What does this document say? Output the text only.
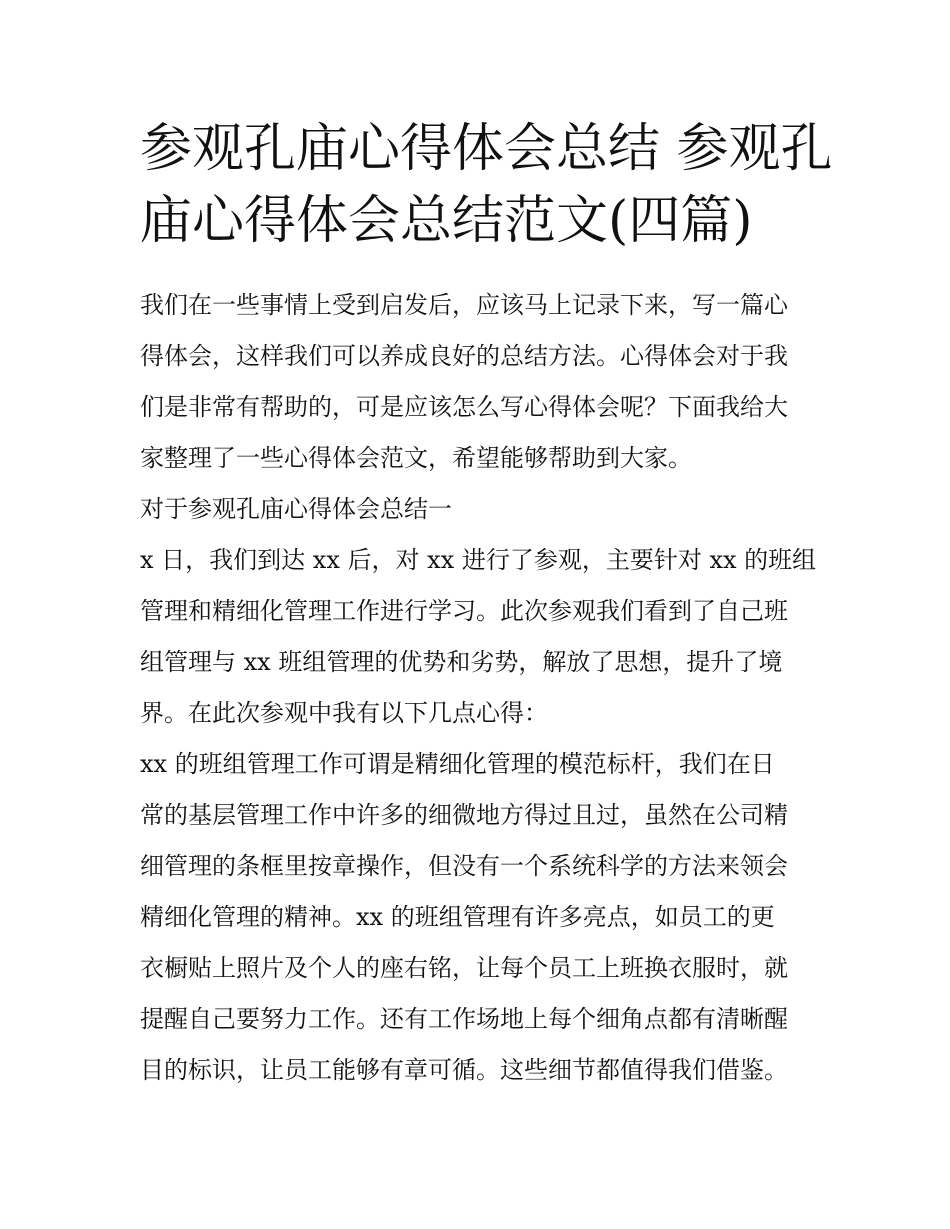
参观孔庙心得体会总结 参观孔
庙心得体会总结范文(四篇)
我们在一些事情上受到启发后，应该马上记录下来，写一篇心
得体会，这样我们可以养成良好的总结方法。心得体会对于我
们是非常有帮助的，可是应该怎么写心得体会呢？下面我给大
家整理了一些心得体会范文，希望能够帮助到大家。
对于参观孔庙心得体会总结一
x 日，我们到达 xx 后，对 xx 进行了参观，主要针对 xx 的班组
管理和精细化管理工作进行学习。此次参观我们看到了自己班
组管理与 xx 班组管理的优势和劣势，解放了思想，提升了境
界。在此次参观中我有以下几点心得：
xx 的班组管理工作可谓是精细化管理的模范标杆，我们在日
常的基层管理工作中许多的细微地方得过且过，虽然在公司精
细管理的条框里按章操作，但没有一个系统科学的方法来领会
精细化管理的精神。xx 的班组管理有许多亮点，如员工的更
衣橱贴上照片及个人的座右铭，让每个员工上班换衣服时，就
提醒自己要努力工作。还有工作场地上每个细角点都有清晰醒
目的标识，让员工能够有章可循。这些细节都值得我们借鉴。
